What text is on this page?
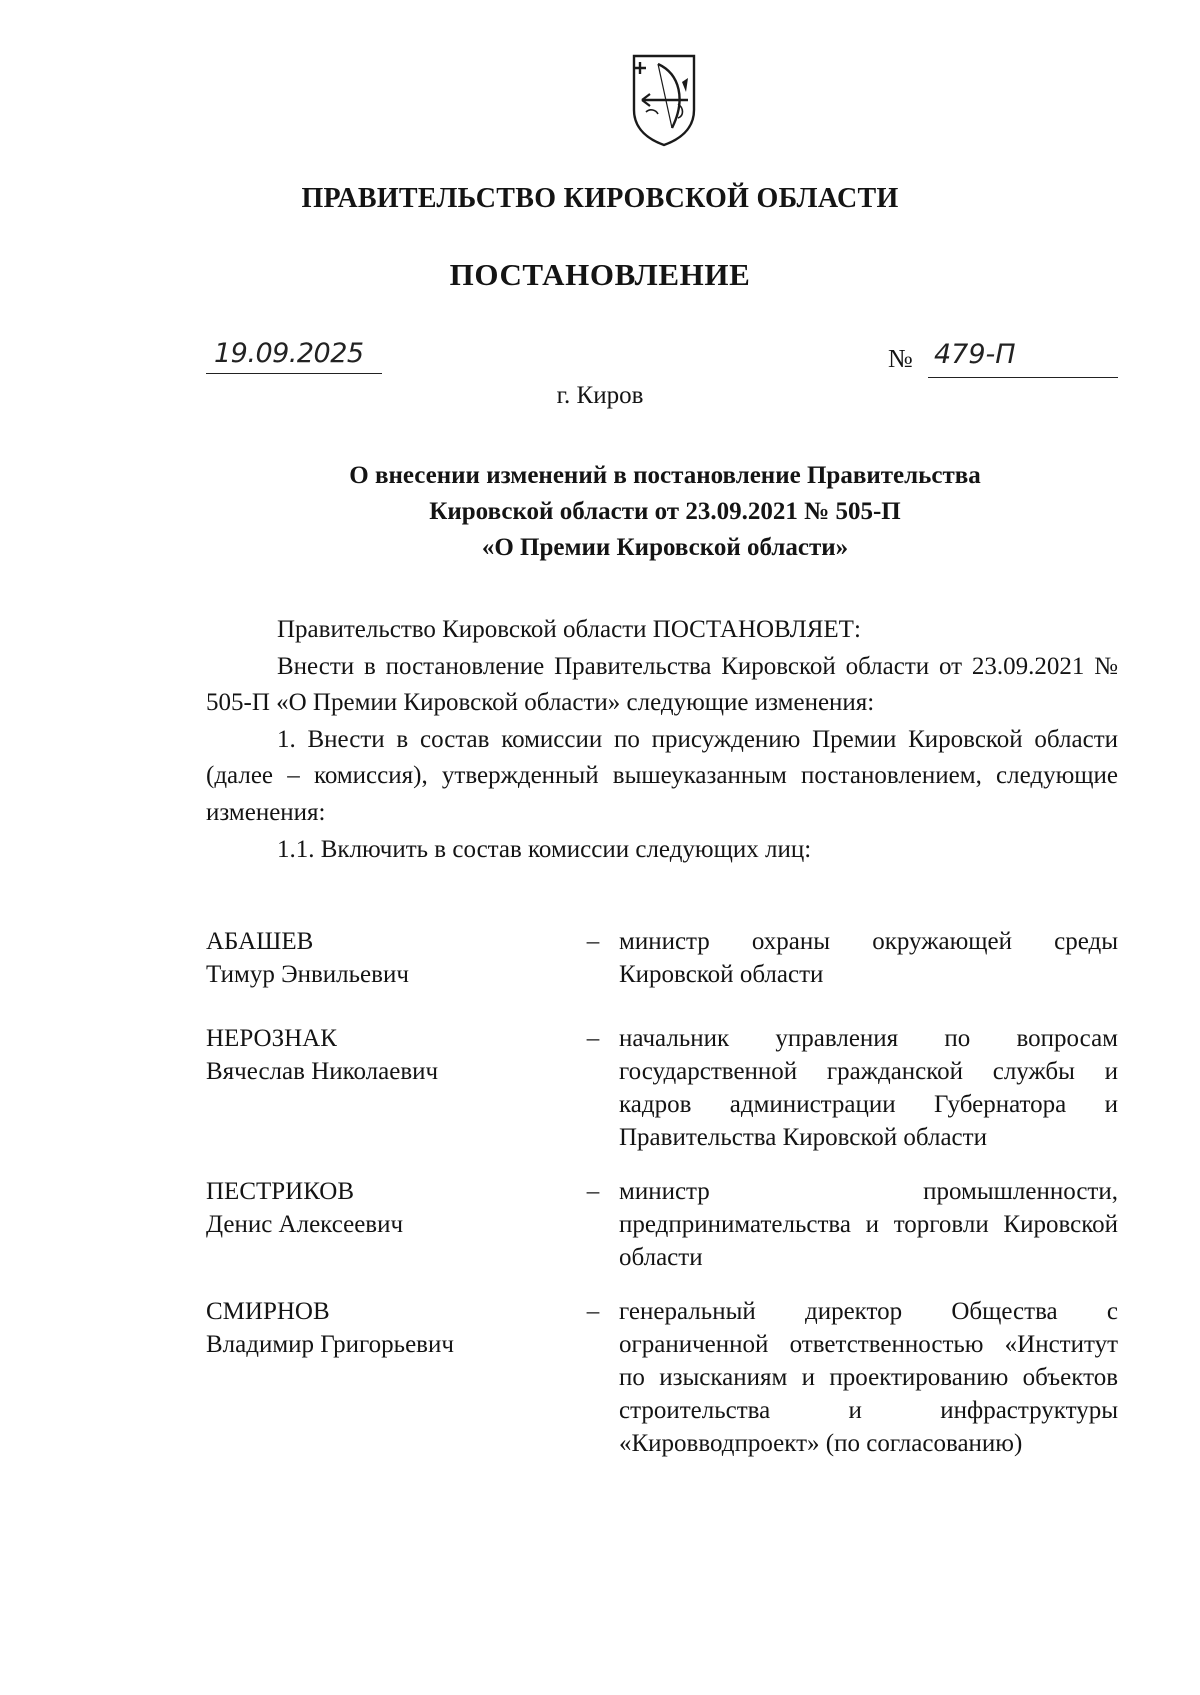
ПРАВИТЕЛЬСТВО КИРОВСКОЙ ОБЛАСТИ
ПОСТАНОВЛЕНИЕ
19.09.2025	№ 479-П
г. Киров
О внесении изменений в постановление Правительства
Кировской области от 23.09.2021 № 505-П
«О Премии Кировской области»

Правительство Кировской области ПОСТАНОВЛЯЕТ:

Внести в постановление Правительства Кировской области от 23.09.2021 № 505-П «О Премии Кировской области» следующие изменения:

1. Внести в состав комиссии по присуждению Премии Кировской области (далее – комиссия), утвержденный вышеуказанным постановлением, следующие изменения:

1.1. Включить в состав комиссии следующих лиц:

АБАШЕВ
Тимур Энвильевич
– министр охраны окружающей среды Кировской области
НЕРОЗНАК
Вячеслав Николаевич
– начальник управления по вопросам государственной гражданской службы и кадров администрации Губернатора и Правительства Кировской области
ПЕСТРИКОВ
Денис Алексеевич
– министр промышленности, предпринимательства и торговли Кировской области
СМИРНОВ
Владимир Григорьевич
– генеральный директор Общества с ограниченной ответственностью «Институт по изысканиям и проектированию объектов строительства и инфраструктуры «Кировводпроект» (по согласованию)
